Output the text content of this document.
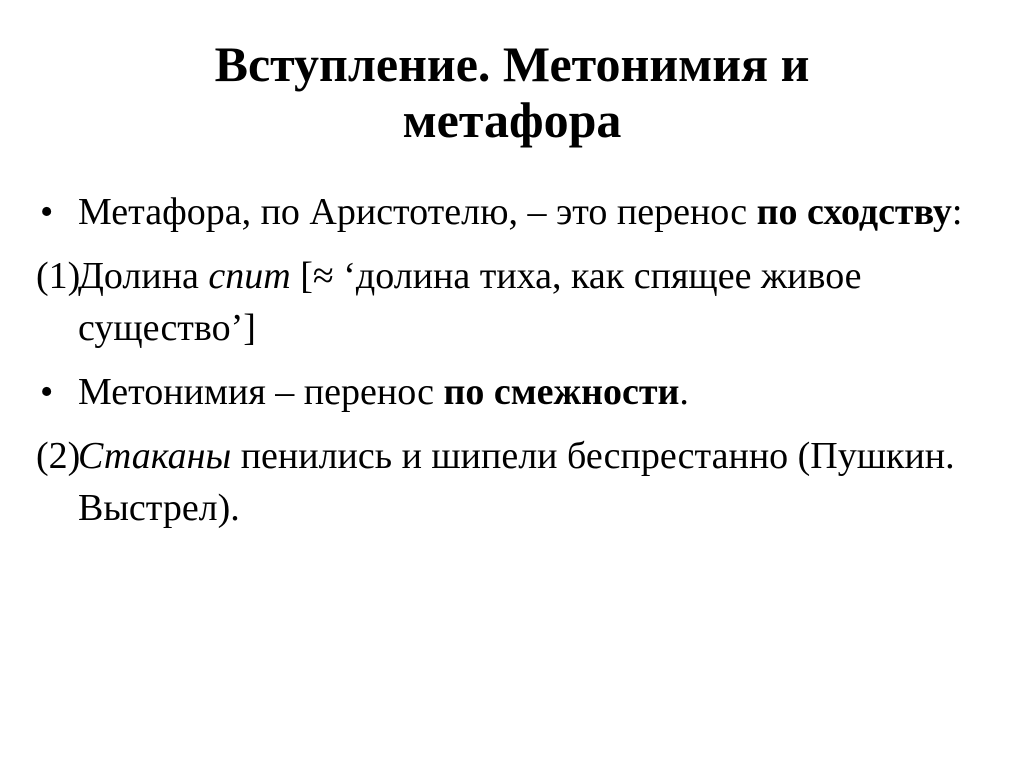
Вступление. Метонимия и
метафора
• Метафора, по Аристотелю, – это перенос по сходству:
(1)
Долина спит [≈ ‘долина тиха, как спящее живое существо’]
• Метонимия – перенос по смежности.
(2)
Стаканы пенились и шипели беспрестанно (Пушкин. Выстрел).
